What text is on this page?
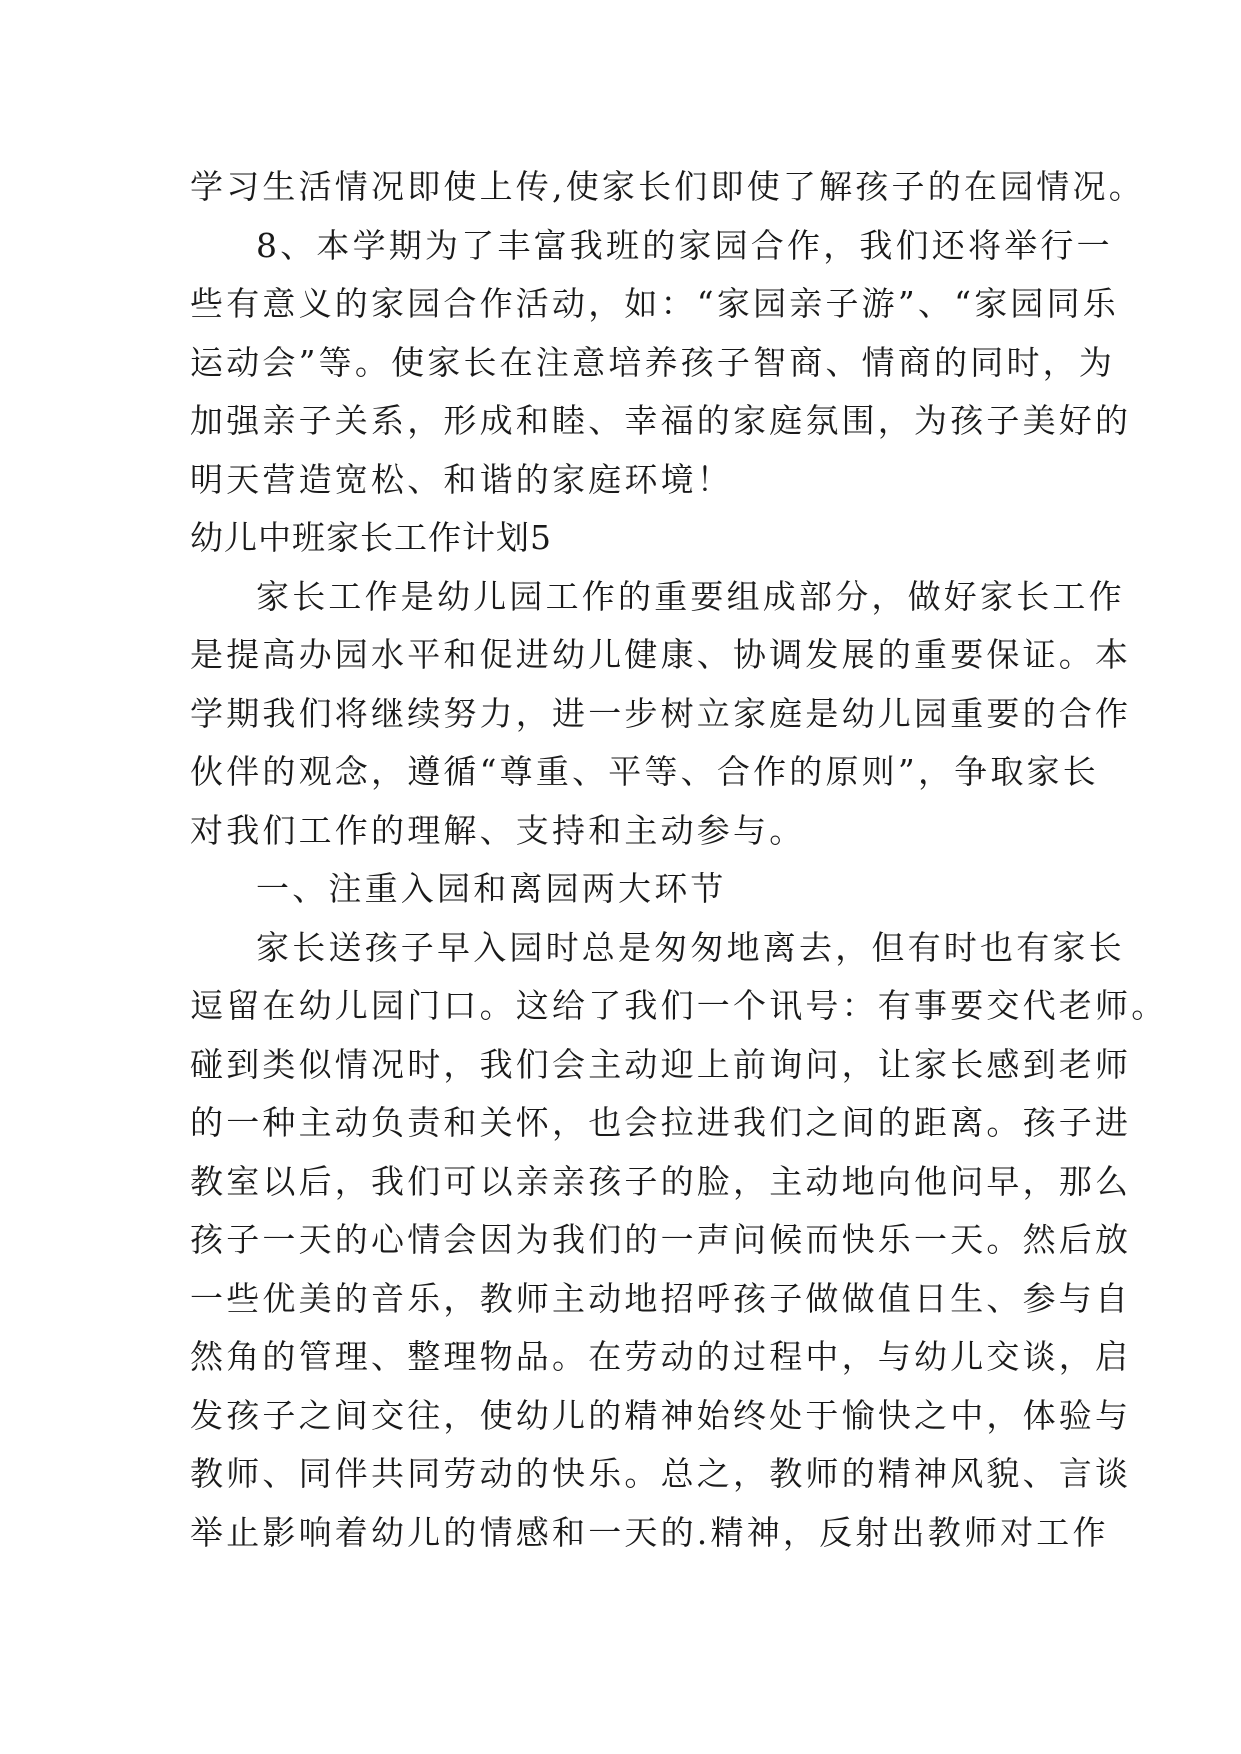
学习生活情况即使上传,使家长们即使了解孩子的在园情况。
8、本学期为了丰富我班的家园合作，我们还将举行一
些有意义的家园合作活动，如：“家园亲子游”、“家园同乐
运动会”等。使家长在注意培养孩子智商、情商的同时，为
加强亲子关系，形成和睦、幸福的家庭氛围，为孩子美好的
明天营造宽松、和谐的家庭环境！
幼儿中班家长工作计划5
家长工作是幼儿园工作的重要组成部分，做好家长工作
是提高办园水平和促进幼儿健康、协调发展的重要保证。本
学期我们将继续努力，进一步树立家庭是幼儿园重要的合作
伙伴的观念，遵循“尊重、平等、合作的原则”，争取家长
对我们工作的理解、支持和主动参与。
一、注重入园和离园两大环节
家长送孩子早入园时总是匆匆地离去，但有时也有家长
逗留在幼儿园门口。这给了我们一个讯号：有事要交代老师。
碰到类似情况时，我们会主动迎上前询问，让家长感到老师
的一种主动负责和关怀，也会拉进我们之间的距离。孩子进
教室以后，我们可以亲亲孩子的脸，主动地向他问早，那么
孩子一天的心情会因为我们的一声问候而快乐一天。然后放
一些优美的音乐，教师主动地招呼孩子做做值日生、参与自
然角的管理、整理物品。在劳动的过程中，与幼儿交谈，启
发孩子之间交往，使幼儿的精神始终处于愉快之中，体验与
教师、同伴共同劳动的快乐。总之，教师的精神风貌、言谈
举止影响着幼儿的情感和一天的.精神，反射出教师对工作
